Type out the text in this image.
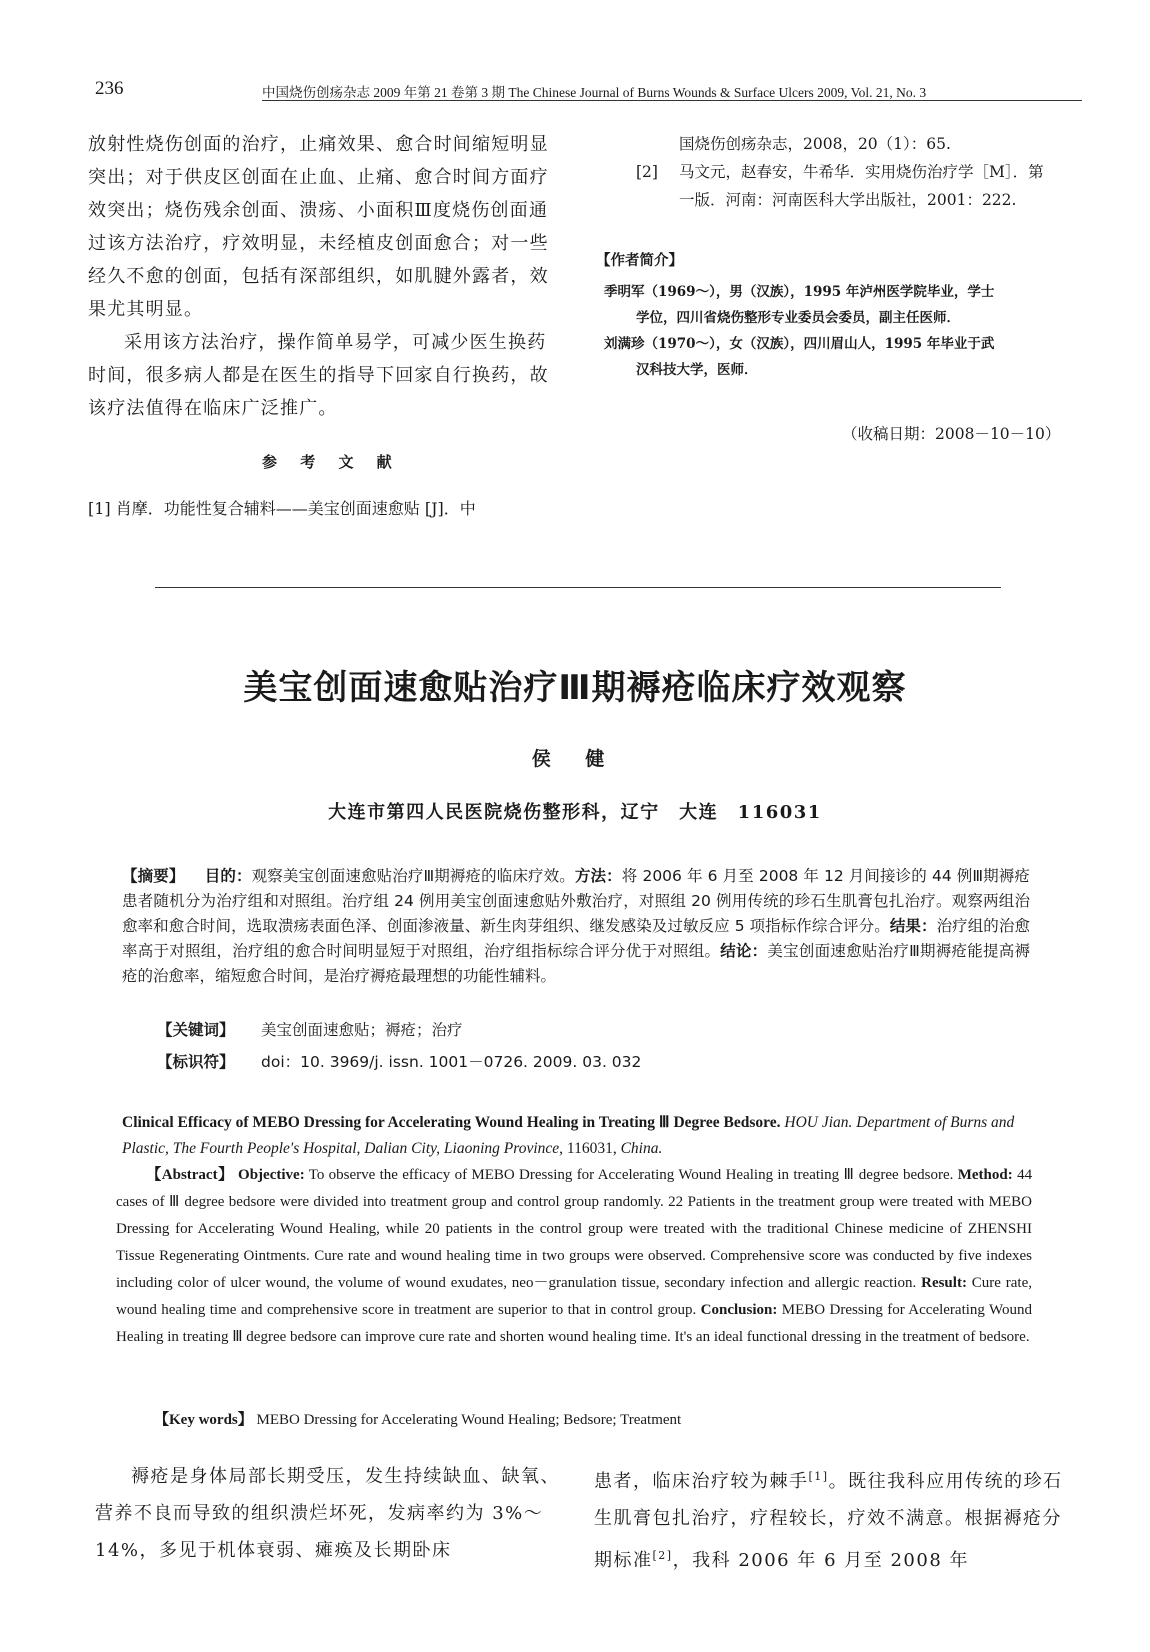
236	中国烧伤创疡杂志 2009 年第 21 卷第 3 期 The Chinese Journal of Burns Wounds & Surface Ulcers 2009, Vol. 21, No. 3

放射性烧伤创面的治疗，止痛效果、愈合时间缩短明显突出；对于供皮区创面在止血、止痛、愈合时间方面疗效突出；烧伤残余创面、溃疡、小面积Ⅲ度烧伤创面通过该方法治疗，疗效明显，未经植皮创面愈合；对一些经久不愈的创面，包括有深部组织，如肌腱外露者，效果尤其明显。

采用该方法治疗，操作简单易学，可减少医生换药时间，很多病人都是在医生的指导下回家自行换药，故该疗法值得在临床广泛推广。

参 考 文 献
[1] 肖摩．功能性复合辅料——美宝创面速愈贴 [J]．中
国烧伤创疡杂志，2008，20（1）：65.
[2]	马文元，赵春安，牛希华．实用烧伤治疗学［M］．第
一版．河南：河南医科大学出版社，2001：222.
【作者简介】
季明军（1969～），男（汉族），1995 年泸州医学院毕业，学士
学位，四川省烧伤整形专业委员会委员，副主任医师．
刘满珍（1970～），女（汉族），四川眉山人，1995 年毕业于武
汉科技大学，医师．
（收稿日期：2008－10－10）
美宝创面速愈贴治疗Ⅲ期褥疮临床疗效观察
侯 健
大连市第四人民医院烧伤整形科，辽宁　大连　116031
【摘要】 目的：观察美宝创面速愈贴治疗Ⅲ期褥疮的临床疗效。方法：将 2006 年 6 月至 2008 年 12 月间接诊的 44 例Ⅲ期褥疮患者随机分为治疗组和对照组。治疗组 24 例用美宝创面速愈贴外敷治疗，对照组 20 例用传统的珍石生肌膏包扎治疗。观察两组治愈率和愈合时间，选取溃疡表面色泽、创面渗液量、新生肉芽组织、继发感染及过敏反应 5 项指标作综合评分。结果：治疗组的治愈率高于对照组，治疗组的愈合时间明显短于对照组，治疗组指标综合评分优于对照组。结论：美宝创面速愈贴治疗Ⅲ期褥疮能提高褥疮的治愈率，缩短愈合时间，是治疗褥疮最理想的功能性辅料。
【关键词】 美宝创面速愈贴；褥疮；治疗
【标识符】 doi：10. 3969/j. issn. 1001－0726. 2009. 03. 032
Clinical Efficacy of MEBO Dressing for Accelerating Wound Healing in Treating Ⅲ Degree Bedsore. HOU Jian. Department of Burns and Plastic, The Fourth People's Hospital, Dalian City, Liaoning Province, 116031, China.
【Abstract】 Objective: To observe the efficacy of MEBO Dressing for Accelerating Wound Healing in treating Ⅲ degree bedsore. Method: 44 cases of Ⅲ degree bedsore were divided into treatment group and control group randomly. 22 Patients in the treatment group were treated with MEBO Dressing for Accelerating Wound Healing, while 20 patients in the control group were treated with the traditional Chinese medicine of ZHENSHI Tissue Regenerating Ointments. Cure rate and wound healing time in two groups were observed. Comprehensive score was conducted by five indexes including color of ulcer wound, the volume of wound exudates, neo－granulation tissue, secondary infection and allergic reaction. Result: Cure rate, wound healing time and comprehensive score in treatment are superior to that in control group. Conclusion: MEBO Dressing for Accelerating Wound Healing in treating Ⅲ degree bedsore can improve cure rate and shorten wound healing time. It's an ideal functional dressing in the treatment of bedsore.
【Key words】 MEBO Dressing for Accelerating Wound Healing; Bedsore; Treatment

褥疮是身体局部长期受压，发生持续缺血、缺氧、营养不良而导致的组织溃烂坏死，发病率约为 3%～14%，多见于机体衰弱、瘫痪及长期卧床

患者，临床治疗较为棘手[1]。既往我科应用传统的珍石生肌膏包扎治疗，疗程较长，疗效不满意。根据褥疮分期标准[2]，我科 2006 年 6 月至 2008 年
